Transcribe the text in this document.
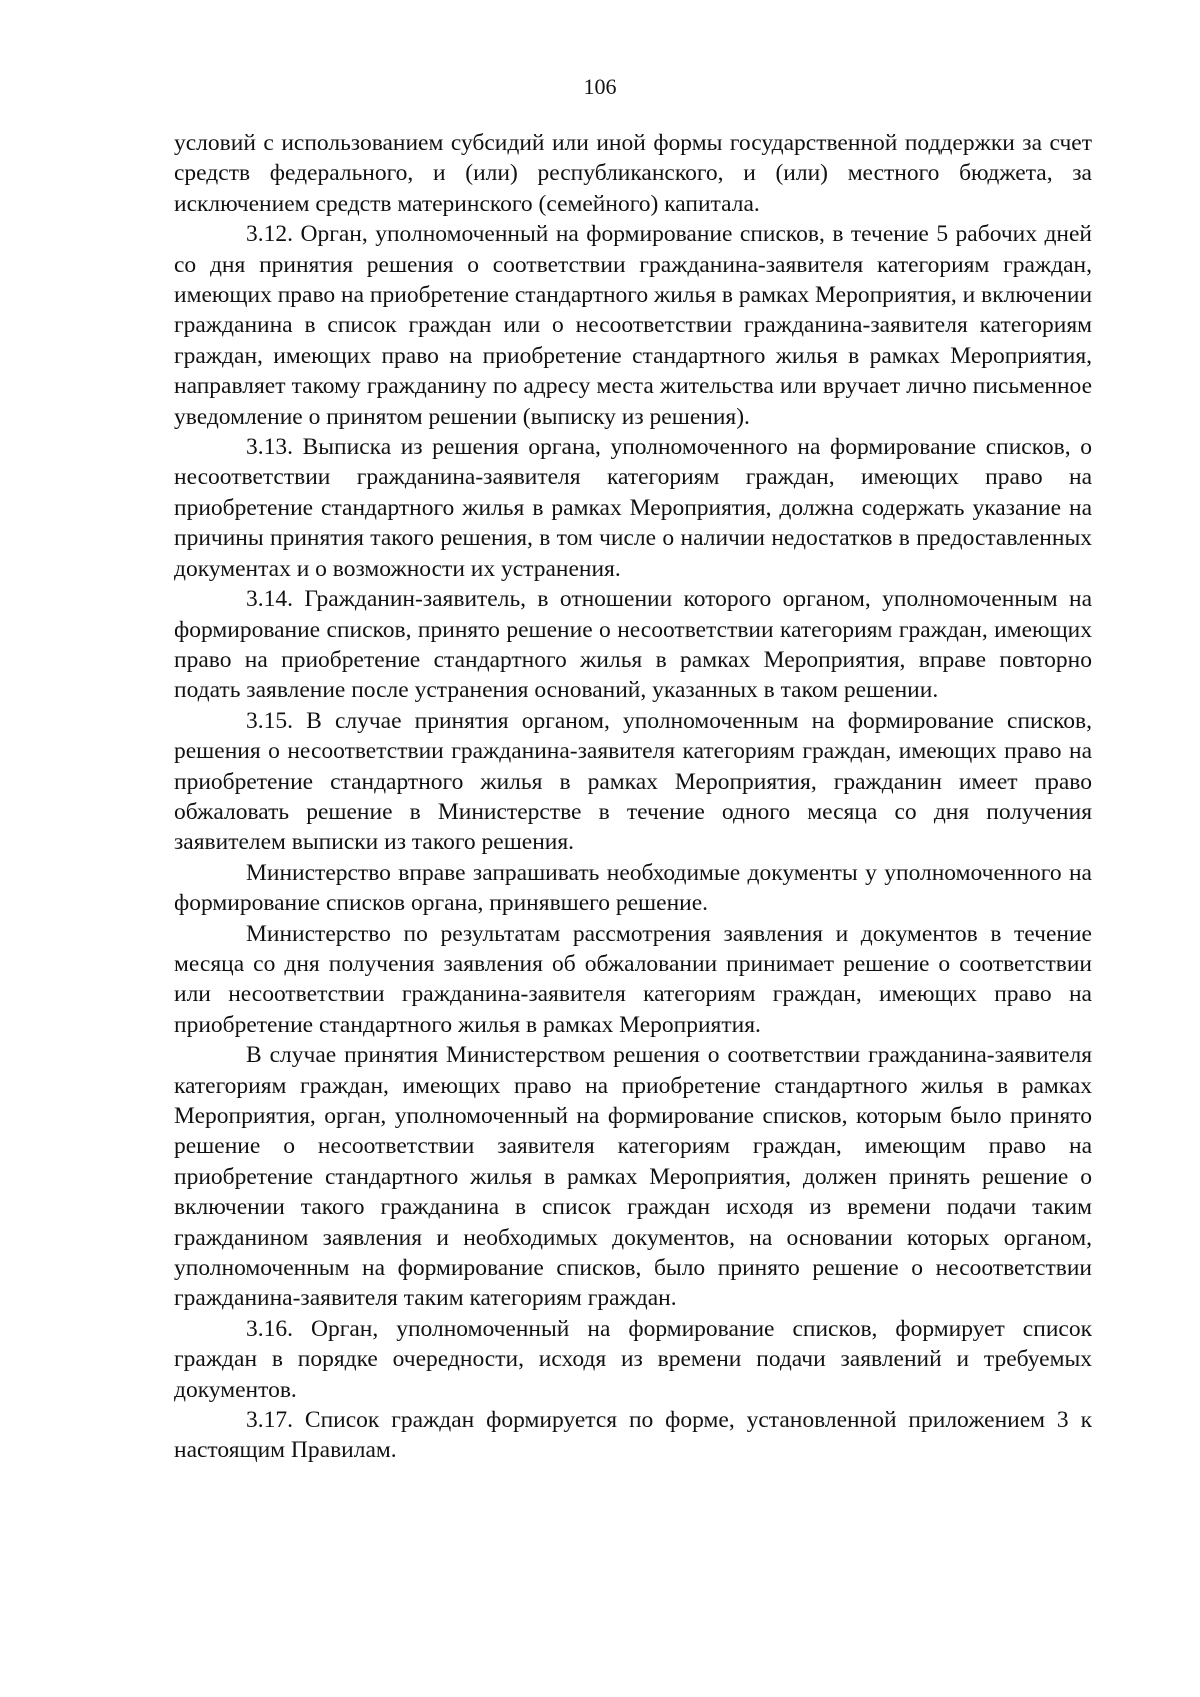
106

условий с использованием субсидий или иной формы государственной поддержки за счет средств федерального, и (или) республиканского, и (или) местного бюджета, за исключением средств материнского (семейного) капитала.

3.12. Орган, уполномоченный на формирование списков, в течение 5 рабочих дней со дня принятия решения о соответствии гражданина-заявителя категориям граждан, имеющих право на приобретение стандартного жилья в рамках Мероприятия, и включении гражданина в список граждан или о несоответствии гражданина-заявителя категориям граждан, имеющих право на приобретение стандартного жилья в рамках Мероприятия, направляет такому гражданину по адресу места жительства или вручает лично письменное уведомление о принятом решении (выписку из решения).

3.13. Выписка из решения органа, уполномоченного на формирование списков, о несоответствии гражданина-заявителя категориям граждан, имеющих право на приобретение стандартного жилья в рамках Мероприятия, должна содержать указание на причины принятия такого решения, в том числе о наличии недостатков в предоставленных документах и о возможности их устранения.

3.14. Гражданин-заявитель, в отношении которого органом, уполномоченным на формирование списков, принято решение о несоответствии категориям граждан, имеющих право на приобретение стандартного жилья в рамках Мероприятия, вправе повторно подать заявление после устранения оснований, указанных в таком решении.

3.15. В случае принятия органом, уполномоченным на формирование списков, решения о несоответствии гражданина-заявителя категориям граждан, имеющих право на приобретение стандартного жилья в рамках Мероприятия, гражданин имеет право обжаловать решение в Министерстве в течение одного месяца со дня получения заявителем выписки из такого решения.

Министерство вправе запрашивать необходимые документы у уполномоченного на формирование списков органа, принявшего решение.

Министерство по результатам рассмотрения заявления и документов в течение месяца со дня получения заявления об обжаловании принимает решение о соответствии или несоответствии гражданина-заявителя категориям граждан, имеющих право на приобретение стандартного жилья в рамках Мероприятия.

В случае принятия Министерством решения о соответствии гражданина-заявителя категориям граждан, имеющих право на приобретение стандартного жилья в рамках Мероприятия, орган, уполномоченный на формирование списков, которым было принято решение о несоответствии заявителя категориям граждан, имеющим право на приобретение стандартного жилья в рамках Мероприятия, должен принять решение о включении такого гражданина в список граждан исходя из времени подачи таким гражданином заявления и необходимых документов, на основании которых органом, уполномоченным на формирование списков, было принято решение о несоответствии гражданина-заявителя таким категориям граждан.

3.16. Орган, уполномоченный на формирование списков, формирует список граждан в порядке очередности, исходя из времени подачи заявлений и требуемых документов.

3.17. Список граждан формируется по форме, установленной приложением 3 к настоящим Правилам.
